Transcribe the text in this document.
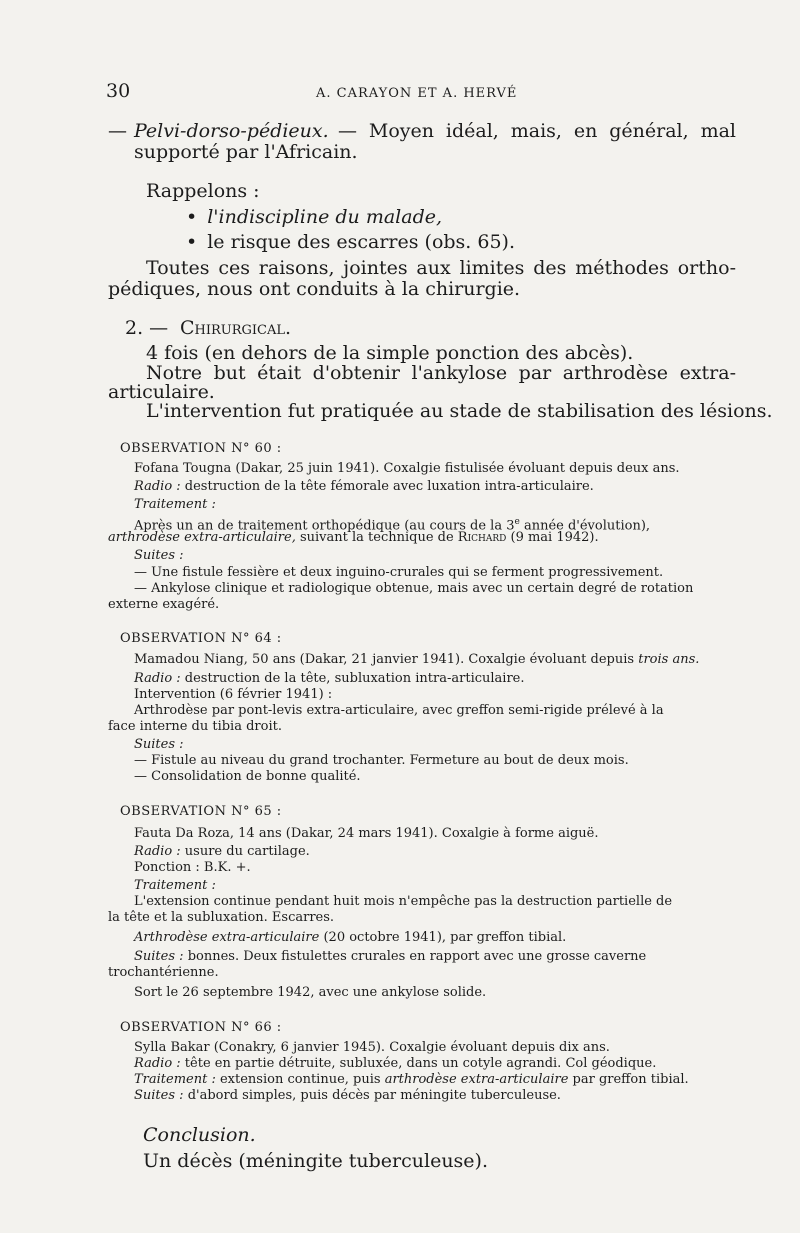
30	A. CARAYON ET A. HERVÉ
— Pelvi-dorso-pédieux. — Moyen idéal, mais, en général, mal
supporté par l'Africain.
Rappelons :
• l'indiscipline du malade,
• le risque des escarres (obs. 65).
Toutes ces raisons, jointes aux limites des méthodes ortho-
pédiques, nous ont conduits à la chirurgie.
2. — Chirurgical.
4 fois (en dehors de la simple ponction des abcès).
Notre but était d'obtenir l'ankylose par arthrodèse extra-
articulaire.
L'intervention fut pratiquée au stade de stabilisation des lésions.
OBSERVATION N° 60 :
Fofana Tougna (Dakar, 25 juin 1941). Coxalgie fistulisée évoluant depuis deux ans.
Radio : destruction de la tête fémorale avec luxation intra-articulaire.
Traitement :
Après un an de traitement orthopédique (au cours de la 3e année d'évolution),
arthrodèse extra-articulaire, suivant la technique de Richard (9 mai 1942).
Suites :
— Une fistule fessière et deux inguino-crurales qui se ferment progressivement.
— Ankylose clinique et radiologique obtenue, mais avec un certain degré de rotation
externe exagéré.
OBSERVATION N° 64 :
Mamadou Niang, 50 ans (Dakar, 21 janvier 1941). Coxalgie évoluant depuis trois ans.
Radio : destruction de la tête, subluxation intra-articulaire.
Intervention (6 février 1941) :
Arthrodèse par pont-levis extra-articulaire, avec greffon semi-rigide prélevé à la
face interne du tibia droit.
Suites :
— Fistule au niveau du grand trochanter. Fermeture au bout de deux mois.
— Consolidation de bonne qualité.
OBSERVATION N° 65 :
Fauta Da Roza, 14 ans (Dakar, 24 mars 1941). Coxalgie à forme aiguë.
Radio : usure du cartilage.
Ponction : B.K. +.
Traitement :
L'extension continue pendant huit mois n'empêche pas la destruction partielle de
la tête et la subluxation. Escarres.
Arthrodèse extra-articulaire (20 octobre 1941), par greffon tibial.
Suites : bonnes. Deux fistulettes crurales en rapport avec une grosse caverne
trochantérienne.
Sort le 26 septembre 1942, avec une ankylose solide.
OBSERVATION N° 66 :
Sylla Bakar (Conakry, 6 janvier 1945). Coxalgie évoluant depuis dix ans.
Radio : tête en partie détruite, subluxée, dans un cotyle agrandi. Col géodique.
Traitement : extension continue, puis arthrodèse extra-articulaire par greffon tibial.
Suites : d'abord simples, puis décès par méningite tuberculeuse.
Conclusion.
Un décès (méningite tuberculeuse).
